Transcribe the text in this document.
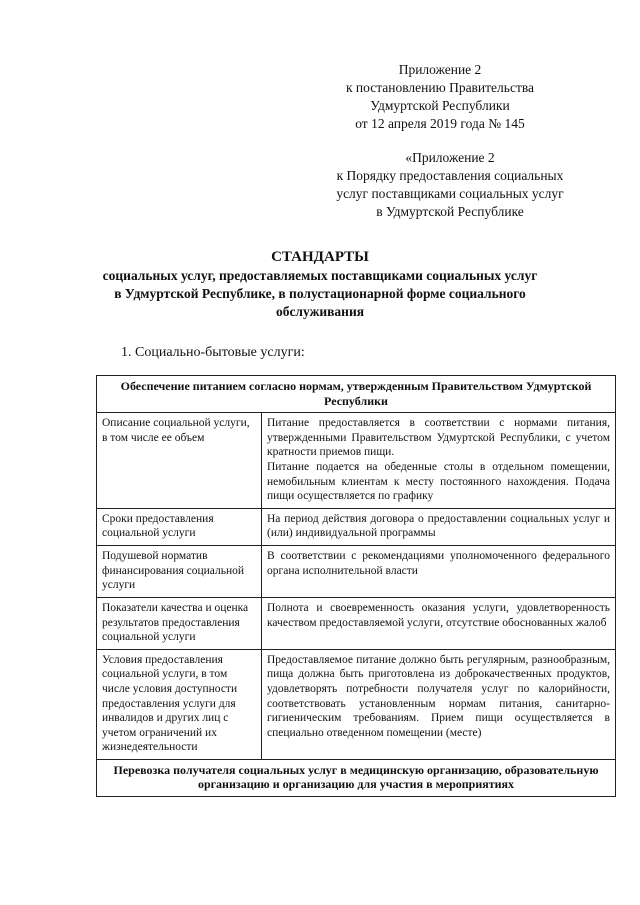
Приложение 2
к постановлению Правительства
Удмуртской Республики
от 12 апреля 2019 года № 145
«Приложение 2
к Порядку предоставления социальных
услуг поставщиками социальных услуг
в Удмуртской Республике
СТАНДАРТЫ
социальных услуг, предоставляемых поставщиками социальных услуг
в Удмуртской Республике, в полустационарной форме социального
обслуживания
1. Социально-бытовые услуги:
Обеспечение питанием согласно нормам, утвержденным Правительством Удмуртской Республики	
Описание социальной услуги, в том числе ее объем	Питание предоставляется в соответствии с нормами питания, утвержденными Правительством Удмуртской Республики, с учетом кратности приемов пищи.
Питание подается на обеденные столы в отдельном помещении, немобильным клиентам к месту постоянного нахождения. Подача пищи осуществляется по графику
Сроки предоставления социальной услуги	На период действия договора о предоставлении социальных услуг и (или) индивидуальной программы
Подушевой норматив финансирования социальной услуги	В соответствии с рекомендациями уполномоченного федерального органа исполнительной власти
Показатели качества и оценка результатов предоставления социальной услуги	Полнота и своевременность оказания услуги, удовлетворенность качеством предоставляемой услуги, отсутствие обоснованных жалоб
Условия предоставления социальной услуги, в том числе условия доступности предоставления услуги для инвалидов и других лиц с учетом ограничений их жизнедеятельности	Предоставляемое питание должно быть регулярным, разнообразным, пища должна быть приготовлена из доброкачественных продуктов, удовлетворять потребности получателя услуг по калорийности, соответствовать установленным нормам питания, санитарно-гигиеническим требованиям. Прием пищи осуществляется в специально отведенном помещении (месте)
Перевозка получателя социальных услуг в медицинскую организацию, образовательную организацию и организацию для участия в мероприятиях	
